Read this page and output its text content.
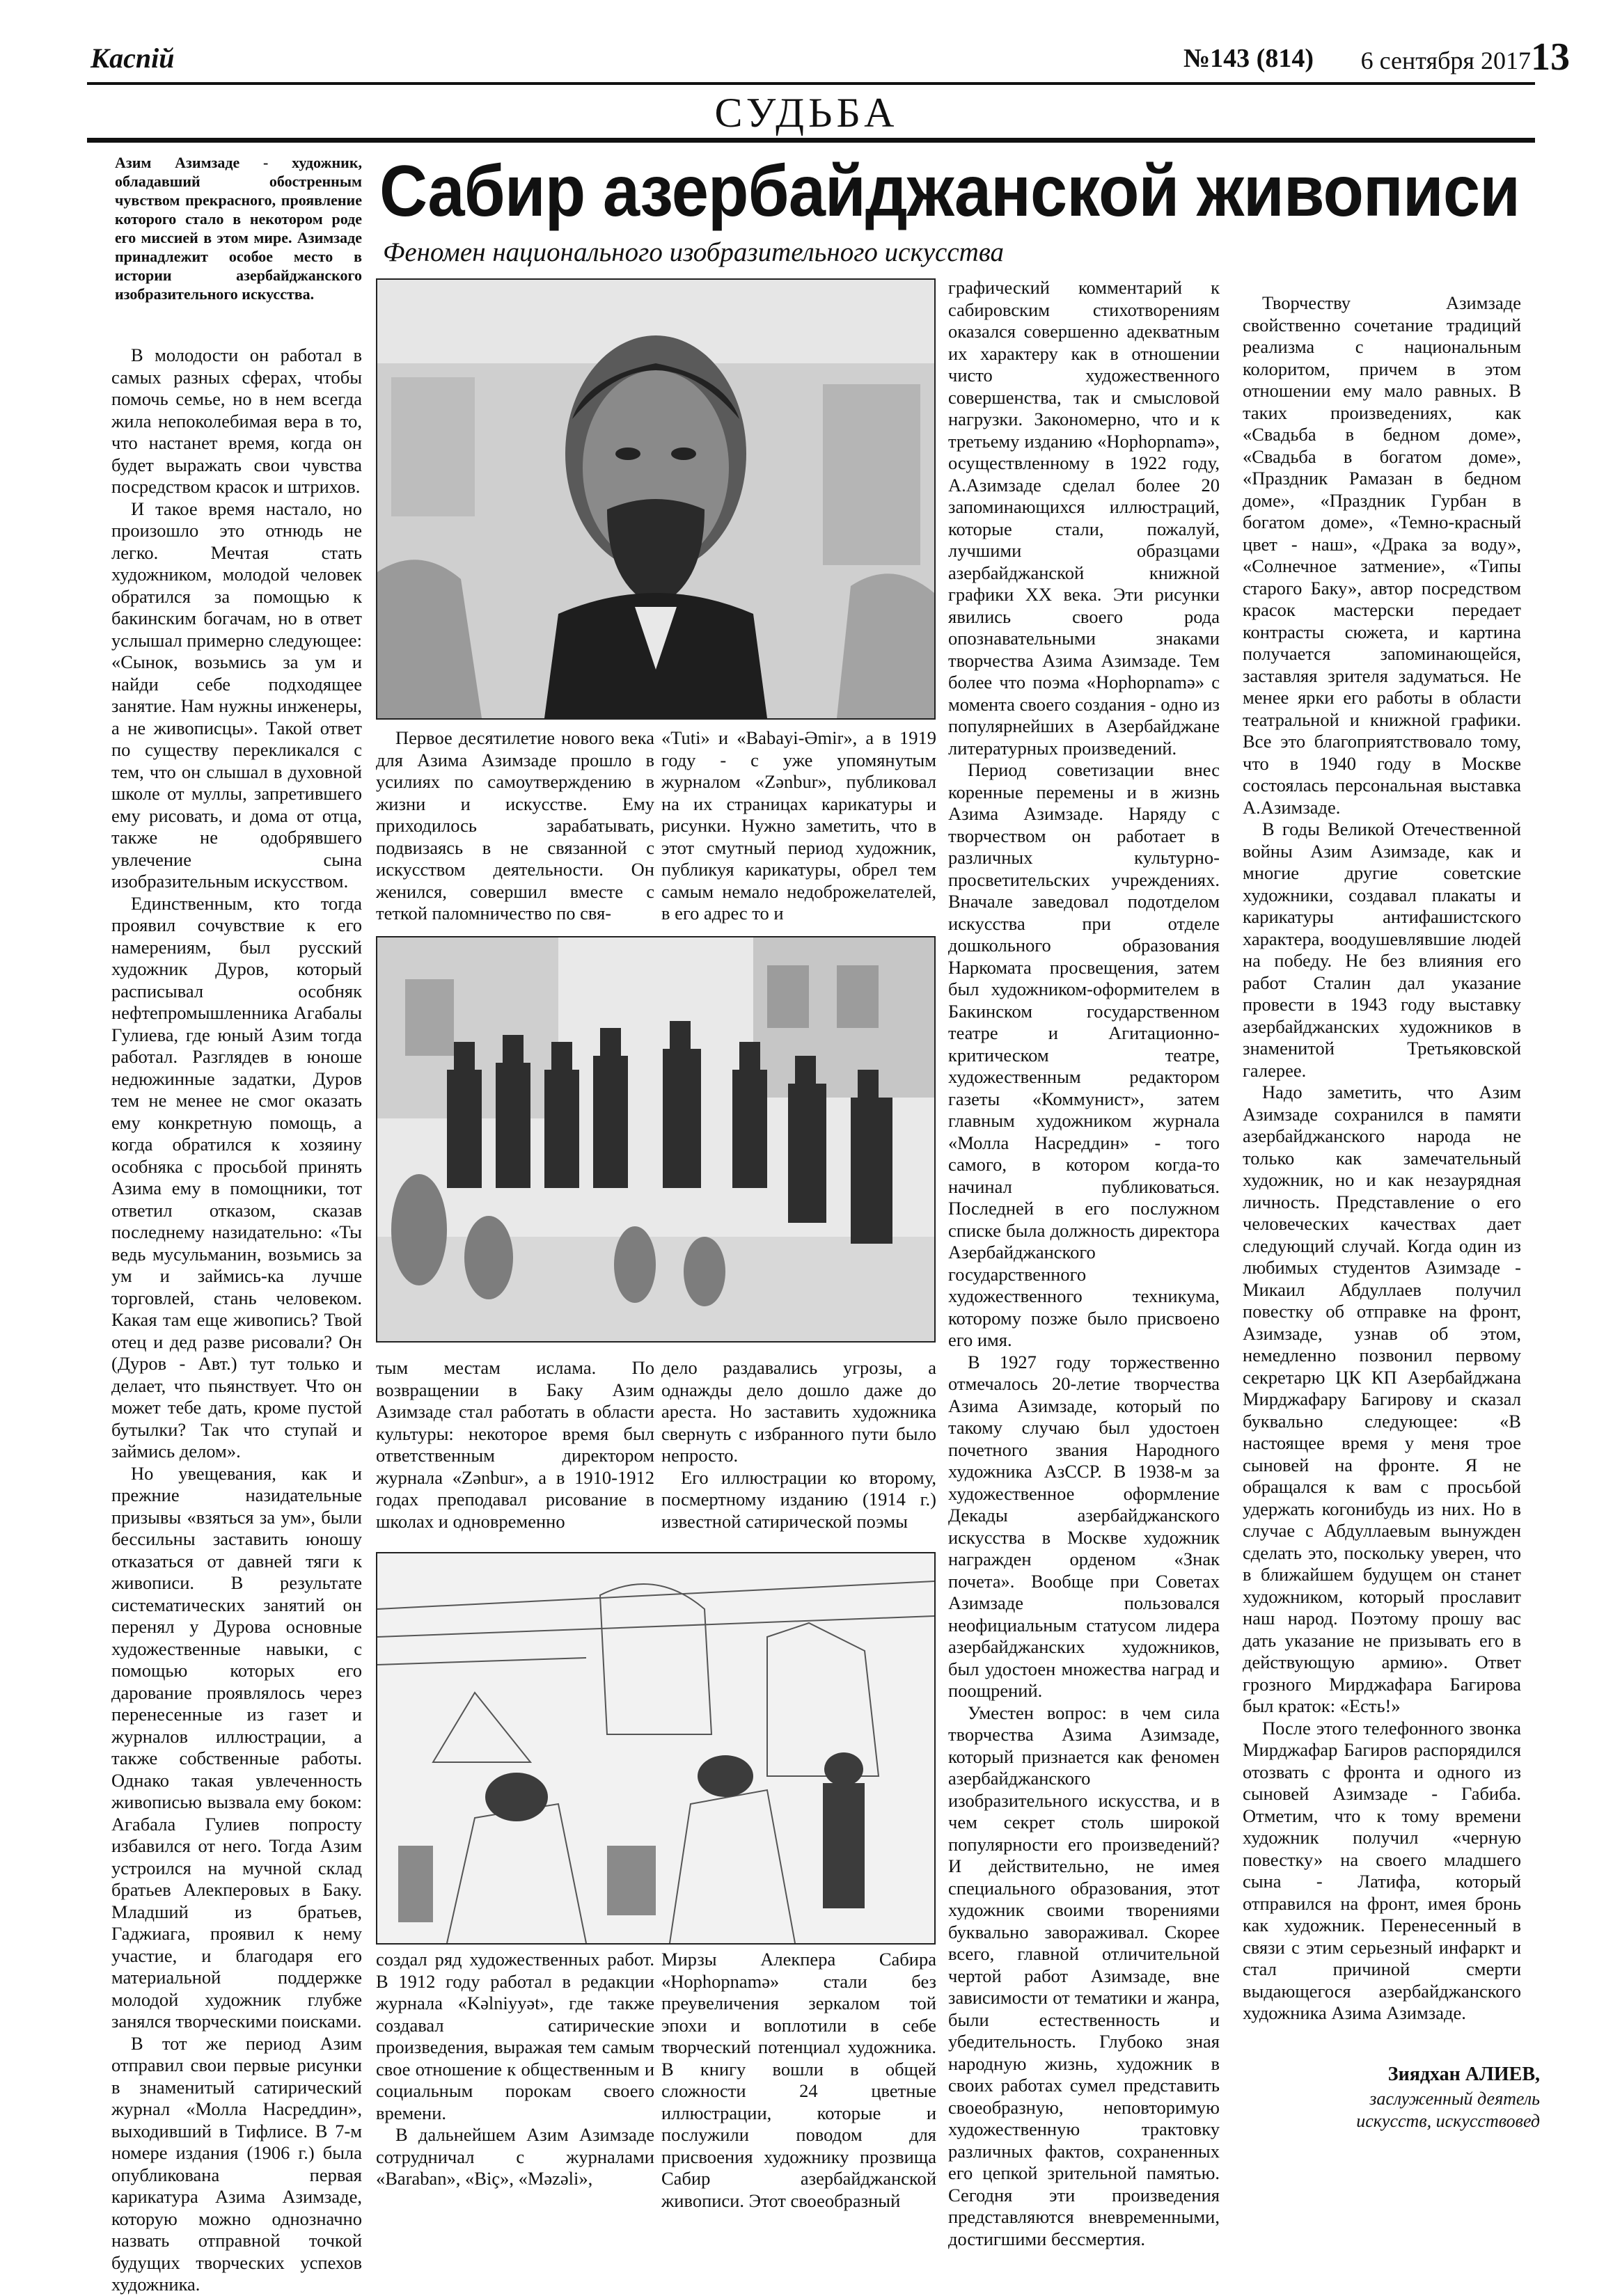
Каспiй	№143 (814) 6 сентября 2017 13
СУДЬБА
Азим Азимзаде - художник, обладавший обостренным чувством прекрасного, проявление которого стало в некотором роде его миссией в этом мире. Азимзаде принадлежит особое место в истории азербайджанского изобразительного искусства.
Сабир азербайджанской живописи
Феномен национального изобразительного искусства

В молодости он работал в самых разных сферах, чтобы помочь семье, но в нем всегда жила непоколебимая вера в то, что настанет время, когда он будет выражать свои чувства посредством красок и штрихов.

И такое время настало, но произошло это отнюдь не легко. Мечтая стать художником, молодой человек обратился за помощью к бакинским богачам, но в ответ услышал примерно следующее: «Сынок, возьмись за ум и найди себе подходящее занятие. Нам нужны инженеры, а не живописцы». Такой ответ по существу перекликался с тем, что он слышал в духовной школе от муллы, запретившего ему рисовать, и дома от отца, также не одобрявшего увлечение сына изобразительным искусством.

Единственным, кто тогда проявил сочувствие к его намерениям, был русский художник Дуров, который расписывал особняк нефтепромышленника Агабалы Гулиева, где юный Азим тогда работал. Разглядев в юноше недюжинные задатки, Дуров тем не менее не смог оказать ему конкретную помощь, а когда обратился к хозяину особняка с просьбой принять Азима ему в помощники, тот ответил отказом, сказав последнему назидательно: «Ты ведь мусульманин, возьмись за ум и займись-ка лучше торговлей, стань человеком. Какая там еще живопись? Твой отец и дед разве рисовали? Он (Дуров - Авт.) тут только и делает, что пьянствует. Что он может тебе дать, кроме пустой бутылки? Так что ступай и займись делом».

Но увещевания, как и прежние назидательные призывы «взяться за ум», были бессильны заставить юношу отказаться от давней тяги к живописи. В результате систематических занятий он перенял у Дурова основные художественные навыки, с помощью которых его дарование проявлялось через перенесенные из газет и журналов иллюстрации, а также собственные работы. Однако такая увлеченность живописью вызвала ему боком: Агабала Гулиев попросту избавился от него. Тогда Азим устроился на мучной склад братьев Алекперовых в Баку. Младший из братьев, Гаджиага, проявил к нему участие, и благодаря его материальной поддержке молодой художник глубже занялся творческими поисками.

В тот же период Азим отправил свои первые рисунки в знаменитый сатирический журнал «Молла Насреддин», выходивший в Тифлисе. В 7-м номере издания (1906 г.) была опубликована первая карикатура Азима Азимзаде, которую можно однозначно назвать отправной точкой будущих творческих успехов художника.

Первое десятилетие нового века для Азима Азимзаде прошло в усилиях по самоутверждению в жизни и искусстве. Ему приходилось зарабатывать, подвизаясь в не связанной с искусством деятельности. Он женился, совершил вместе с теткой паломничество по свя-

«Tuti» и «Babayi-Əmir», а в 1919 году - с уже упомянутым журналом «Zənbur», публиковал на их страницах карикатуры и рисунки. Нужно заметить, что в этот смутный период художник, публикуя карикатуры, обрел тем самым немало недоброжелателей, в его адрес то и

тым местам ислама. По возвращении в Баку Азим Азимзаде стал работать в области культуры: некоторое время был ответственным директором журнала «Zənbur», а в 1910-1912 годах преподавал рисование в школах и одновременно

дело раздавались угрозы, а однажды дело дошло даже до ареста. Но заставить художника свернуть с избранного пути было непросто.

Его иллюстрации ко второму, посмертному изданию (1914 г.) известной сатирической поэмы

создал ряд художественных работ. В 1912 году работал в редакции журнала «Kəlniyyət», где также создавал сатирические произведения, выражая тем самым свое отношение к общественным и социальным порокам своего времени.

В дальнейшем Азим Азимзаде сотрудничал с журналами «Baraban», «Biç», «Məzəli»,

Мирзы Алекпера Сабира «Hophopnamə» стали без преувеличения зеркалом той эпохи и воплотили в себе творческий потенциал художника. В книгу вошли в общей сложности 24 цветные иллюстрации, которые и послужили поводом для присвоения художнику прозвища Сабир азербайджанской живописи. Этот своеобразный

графический комментарий к сабировским стихотворениям оказался совершенно адекватным их характеру как в отношении чисто художественного совершенства, так и смысловой нагрузки. Закономерно, что и к третьему изданию «Hophopnamə», осуществленному в 1922 году, А.Азимзаде сделал более 20 запоминающихся иллюстраций, которые стали, пожалуй, лучшими образцами азербайджанской книжной графики XX века. Эти рисунки явились своего рода опознавательными знаками творчества Азима Азимзаде. Тем более что поэма «Hophopnamə» с момента своего создания - одно из популярнейших в Азербайджане литературных произведений.

Период советизации внес коренные перемены и в жизнь Азима Азимзаде. Наряду с творчеством он работает в различных культурно-просветительских учреждениях. Вначале заведовал подотделом искусства при отделе дошкольного образования Наркомата просвещения, затем был художником-оформителем в Бакинском государственном театре и Агитационно-критическом театре, художественным редактором газеты «Коммунист», затем главным художником журнала «Молла Насреддин» - того самого, в котором когда-то начинал публиковаться. Последней в его послужном списке была должность директора Азербайджанского государственного художественного техникума, которому позже было присвоено его имя.

В 1927 году торжественно отмечалось 20-летие творчества Азима Азимзаде, который по такому случаю был удостоен почетного звания Народного художника АзССР. В 1938-м за художественное оформление Декады азербайджанского искусства в Москве художник награжден орденом «Знак почета». Вообще при Советах Азимзаде пользовался неофициальным статусом лидера азербайджанских художников, был удостоен множества наград и поощрений.

Уместен вопрос: в чем сила творчества Азима Азимзаде, который признается как феномен азербайджанского изобразительного искусства, и в чем секрет столь широкой популярности его произведений? И действительно, не имея специального образования, этот художник своими творениями буквально завораживал. Скорее всего, главной отличительной чертой работ Азимзаде, вне зависимости от тематики и жанра, были естественность и убедительность. Глубоко зная народную жизнь, художник в своих работах сумел представить своеобразную, неповторимую художественную трактовку различных фактов, сохраненных его цепкой зрительной памятью. Сегодня эти произведения представляются вневременными, достигшими бессмертия.

Творчеству Азимзаде свойственно сочетание традиций реализма с национальным колоритом, причем в этом отношении ему мало равных. В таких произведениях, как «Свадьба в бедном доме», «Свадьба в богатом доме», «Праздник Рамазан в бедном доме», «Праздник Гурбан в богатом доме», «Темно-красный цвет - наш», «Драка за воду», «Солнечное затмение», «Типы старого Баку», автор посредством красок мастерски передает контрасты сюжета, и картина получается запоминающейся, заставляя зрителя задуматься. Не менее ярки его работы в области театральной и книжной графики. Все это благоприятствовало тому, что в 1940 году в Москве состоялась персональная выставка А.Азимзаде.

В годы Великой Отечественной войны Азим Азимзаде, как и многие другие советские художники, создавал плакаты и карикатуры антифашистского характера, воодушевлявшие людей на победу. Не без влияния его работ Сталин дал указание провести в 1943 году выставку азербайджанских художников в знаменитой Третьяковской галерее.

Надо заметить, что Азим Азимзаде сохранился в памяти азербайджанского народа не только как замечательный художник, но и как незаурядная личность. Представление о его человеческих качествах дает следующий случай. Когда один из любимых студентов Азимзаде - Микаил Абдуллаев получил повестку об отправке на фронт, Азимзаде, узнав об этом, немедленно позвонил первому секретарю ЦК КП Азербайджана Мирджафару Багирову и сказал буквально следующее: «В настоящее время у меня трое сыновей на фронте. Я не обращался к вам с просьбой удержать когонибудь из них. Но в случае с Абдуллаевым вынужден сделать это, поскольку уверен, что в ближайшем будущем он станет художником, который прославит наш народ. Поэтому прошу вас дать указание не призывать его в действующую армию». Ответ грозного Мирджафара Багирова был краток: «Есть!»

После этого телефонного звонка Мирджафар Багиров распорядился отозвать с фронта и одного из сыновей Азимзаде - Габиба. Отметим, что к тому времени художник получил «черную повестку» на своего младшего сына - Латифа, который отправился на фронт, имея бронь как художник. Перенесенный в связи с этим серьезный инфаркт и стал причиной смерти выдающегося азербайджанского художника Азима Азимзаде.

Зиядхан АЛИЕВ,
заслуженный деятель
искусств, искусствовед
